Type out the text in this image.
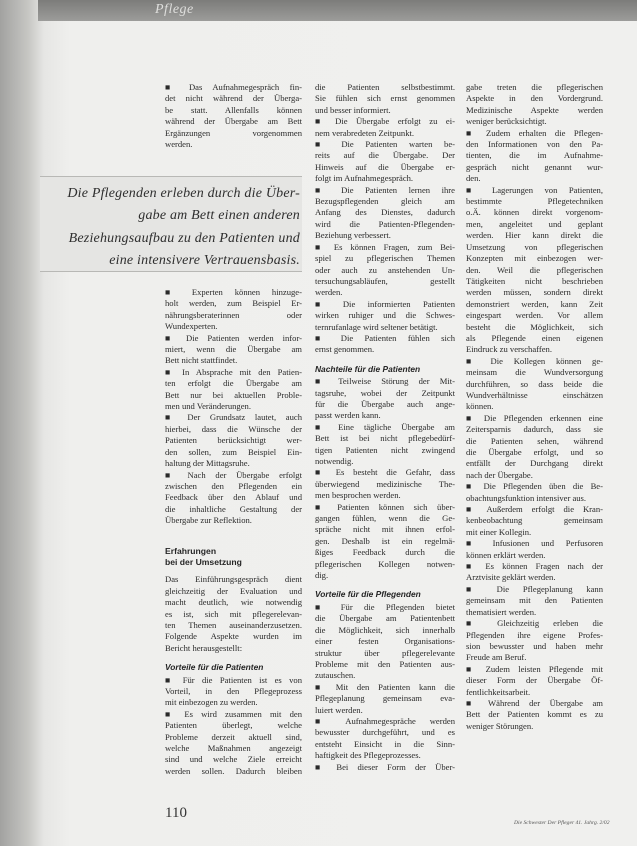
Pflege
■ Das Aufnahmegespräch fin-
det nicht während der Überga-
be statt. Allenfalls können
während der Übergabe am Bett
Ergänzungen vorgenommen
werden.
Die Pflegenden erleben durch die Über-
gabe am Bett einen anderen
Beziehungsaufbau zu den Patienten und
eine intensivere Vertrauensbasis.
■ Experten können hinzuge-
holt werden, zum Beispiel Er-
nährungsberaterinnen oder
Wundexperten.
■ Die Patienten werden infor-
miert, wenn die Übergabe am
Bett nicht stattfindet.
■ In Absprache mit den Patien-
ten erfolgt die Übergabe am
Bett nur bei aktuellen Proble-
men und Veränderungen.
■ Der Grundsatz lautet, auch
hierbei, dass die Wünsche der
Patienten berücksichtigt wer-
den sollen, zum Beispiel Ein-
haltung der Mittagsruhe.
■ Nach der Übergabe erfolgt
zwischen den Pflegenden ein
Feedback über den Ablauf und
die inhaltliche Gestaltung der
Übergabe zur Reflektion.
Erfahrungen
bei der Umsetzung
Das Einführungsgespräch dient
gleichzeitig der Evaluation und
macht deutlich, wie notwendig
es ist, sich mit pflegerelevan-
ten Themen auseinanderzusetzen.
Folgende Aspekte wurden im
Bericht herausgestellt:
Vorteile für die Patienten
■ Für die Patienten ist es von
Vorteil, in den Pflegeprozess
mit einbezogen zu werden.
■ Es wird zusammen mit den
Patienten überlegt, welche
Probleme derzeit aktuell sind,
welche Maßnahmen angezeigt
sind und welche Ziele erreicht
werden sollen. Dadurch bleiben
die Patienten selbstbestimmt.
Sie fühlen sich ernst genommen
und besser informiert.
■ Die Übergabe erfolgt zu ei-
nem verabredeten Zeitpunkt.
■ Die Patienten warten be-
reits auf die Übergabe. Der
Hinweis auf die Übergabe er-
folgt im Aufnahmegespräch.
■ Die Patienten lernen ihre
Bezugspflegenden gleich am
Anfang des Dienstes, dadurch
wird die Patienten-Pflegenden-
Beziehung verbessert.
■ Es können Fragen, zum Bei-
spiel zu pflegerischen Themen
oder auch zu anstehenden Un-
tersuchungsabläufen, gestellt
werden.
■ Die informierten Patienten
wirken ruhiger und die Schwes-
ternrufanlage wird seltener betätigt.
■ Die Patienten fühlen sich
ernst genommen.
Nachteile für die Patienten
■ Teilweise Störung der Mit-
tagsruhe, wobei der Zeitpunkt
für die Übergabe auch ange-
passt werden kann.
■ Eine tägliche Übergabe am
Bett ist bei nicht pflegebedürf-
tigen Patienten nicht zwingend
notwendig.
■ Es besteht die Gefahr, dass
überwiegend medizinische The-
men besprochen werden.
■ Patienten können sich über-
gangen fühlen, wenn die Ge-
spräche nicht mit ihnen erfol-
gen. Deshalb ist ein regelmä-
ßiges Feedback durch die
pflegerischen Kollegen notwen-
dig.
Vorteile für die Pflegenden
■ Für die Pflegenden bietet
die Übergabe am Patientenbett
die Möglichkeit, sich innerhalb
einer festen Organisations-
struktur über pflegerelevante
Probleme mit den Patienten aus-
zutauschen.
■ Mit den Patienten kann die
Pflegeplanung gemeinsam eva-
luiert werden.
■ Aufnahmegespräche werden
bewusster durchgeführt, und es
entsteht Einsicht in die Sinn-
haftigkeit des Pflegeprozesses.
■ Bei dieser Form der Über-
gabe treten die pflegerischen
Aspekte in den Vordergrund.
Medizinische Aspekte werden
weniger berücksichtigt.
■ Zudem erhalten die Pflegen-
den Informationen von den Pa-
tienten, die im Aufnahme-
gespräch nicht genannt wur-
den.
■ Lagerungen von Patienten,
bestimmte Pflegetechniken
o.Ä. können direkt vorgenom-
men, angeleitet und geplant
werden. Hier kann direkt die
Umsetzung von pflegerischen
Konzepten mit einbezogen wer-
den. Weil die pflegerischen
Tätigkeiten nicht beschrieben
werden müssen, sondern direkt
demonstriert werden, kann Zeit
eingespart werden. Vor allem
besteht die Möglichkeit, sich
als Pflegende einen eigenen
Eindruck zu verschaffen.
■ Die Kollegen können ge-
meinsam die Wundversorgung
durchführen, so dass beide die
Wundverhältnisse einschätzen
können.
■ Die Pflegenden erkennen eine
Zeitersparnis dadurch, dass sie
die Patienten sehen, während
die Übergabe erfolgt, und so
entfällt der Durchgang direkt
nach der Übergabe.
■ Die Pflegenden üben die Be-
obachtungsfunktion intensiver aus.
■ Außerdem erfolgt die Kran-
kenbeobachtung gemeinsam
mit einer Kollegin.
■ Infusionen und Perfusoren
können erklärt werden.
■ Es können Fragen nach der
Arztvisite geklärt werden.
■ Die Pflegeplanung kann
gemeinsam mit den Patienten
thematisiert werden.
■ Gleichzeitig erleben die
Pflegenden ihre eigene Profes-
sion bewusster und haben mehr
Freude am Beruf.
■ Zudem leisten Pflegende mit
dieser Form der Übergabe Öf-
fentlichkeitsarbeit.
■ Während der Übergabe am
Bett der Patienten kommt es zu
weniger Störungen.
110
Die Schwester Der Pfleger 41. Jahrg. 2/02
